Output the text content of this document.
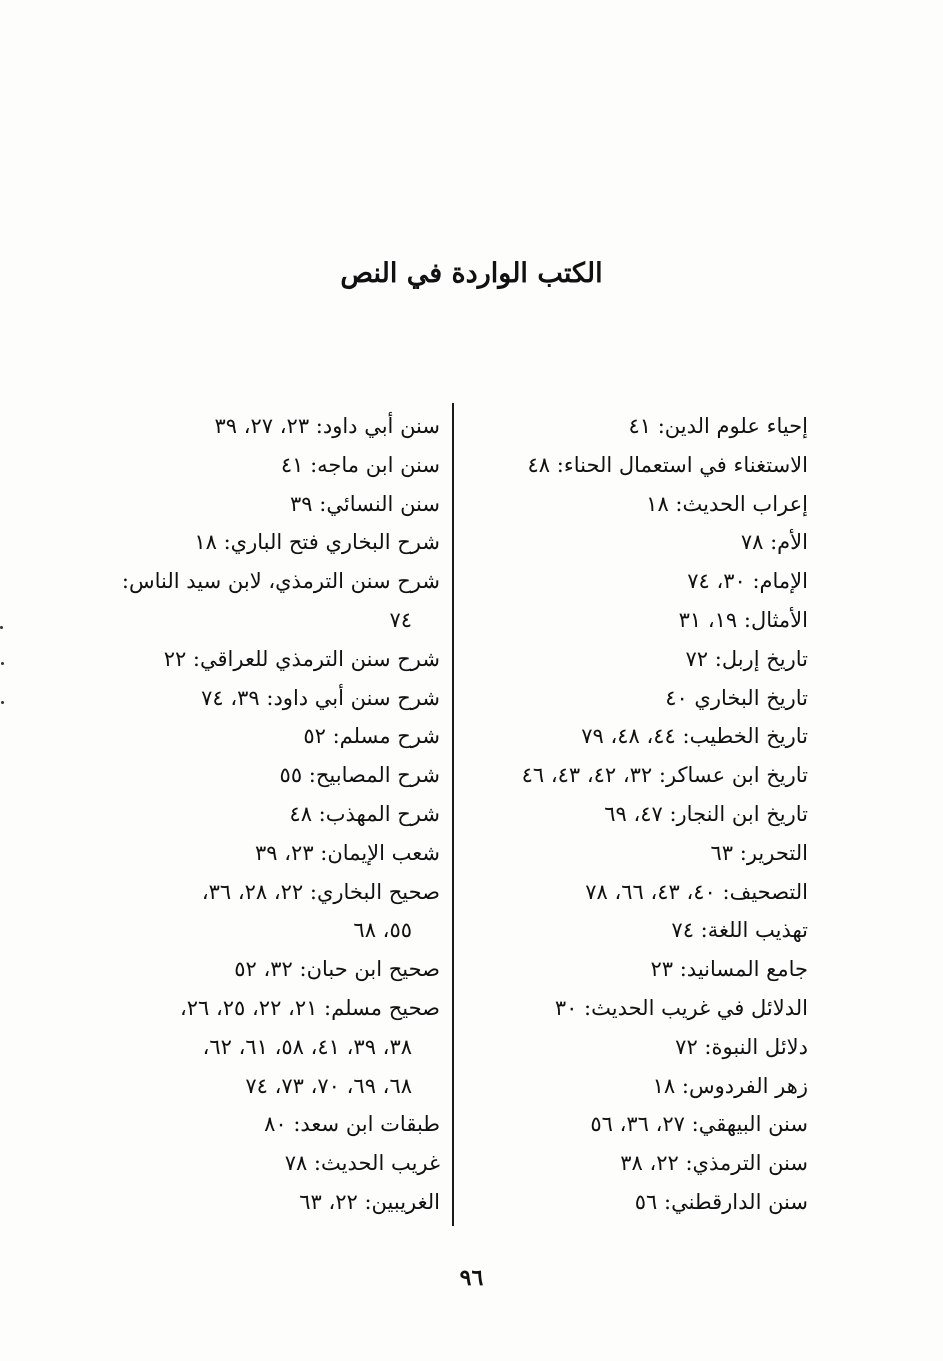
الكتب الواردة في النص
إحياء علوم الدين: ٤١
الاستغناء في استعمال الحناء: ٤٨
إعراب الحديث: ١٨
الأم: ٧٨
الإمام: ٣٠، ٧٤
الأمثال: ١٩، ٣١
تاريخ إربل: ٧٢
تاريخ البخاري ٤٠
تاريخ الخطيب: ٤٤، ٤٨، ٧٩
تاريخ ابن عساكر: ٣٢، ٤٢، ٤٣، ٤٦
تاريخ ابن النجار: ٤٧، ٦٩
التحرير: ٦٣
التصحيف: ٤٠، ٤٣، ٦٦، ٧٨
تهذيب اللغة: ٧٤
جامع المسانيد: ٢٣
الدلائل في غريب الحديث: ٣٠
دلائل النبوة: ٧٢
زهر الفردوس: ١٨
سنن البيهقي: ٢٧، ٣٦، ٥٦
سنن الترمذي: ٢٢، ٣٨
سنن الدارقطني: ٥٦
سنن أبي داود: ٢٣، ٢٧، ٣٩
سنن ابن ماجه: ٤١
سنن النسائي: ٣٩
شرح البخاري فتح الباري: ١٨
شرح سنن الترمذي، لابن سيد الناس:
٧٤
شرح سنن الترمذي للعراقي: ٢٢
شرح سنن أبي داود: ٣٩، ٧٤
شرح مسلم: ٥٢
شرح المصابيح: ٥٥
شرح المهذب: ٤٨
شعب الإيمان: ٢٣، ٣٩
صحيح البخاري: ٢٢، ٢٨، ٣٦،
٥٥، ٦٨
صحيح ابن حبان: ٣٢، ٥٢
صحيح مسلم: ٢١، ٢٢، ٢٥، ٢٦،
٣٨، ٣٩، ٤١، ٥٨، ٦١، ٦٢،
٦٨، ٦٩، ٧٠، ٧٣، ٧٤
طبقات ابن سعد: ٨٠
غريب الحديث: ٧٨
الغريبين: ٢٢، ٦٣
٩٦
